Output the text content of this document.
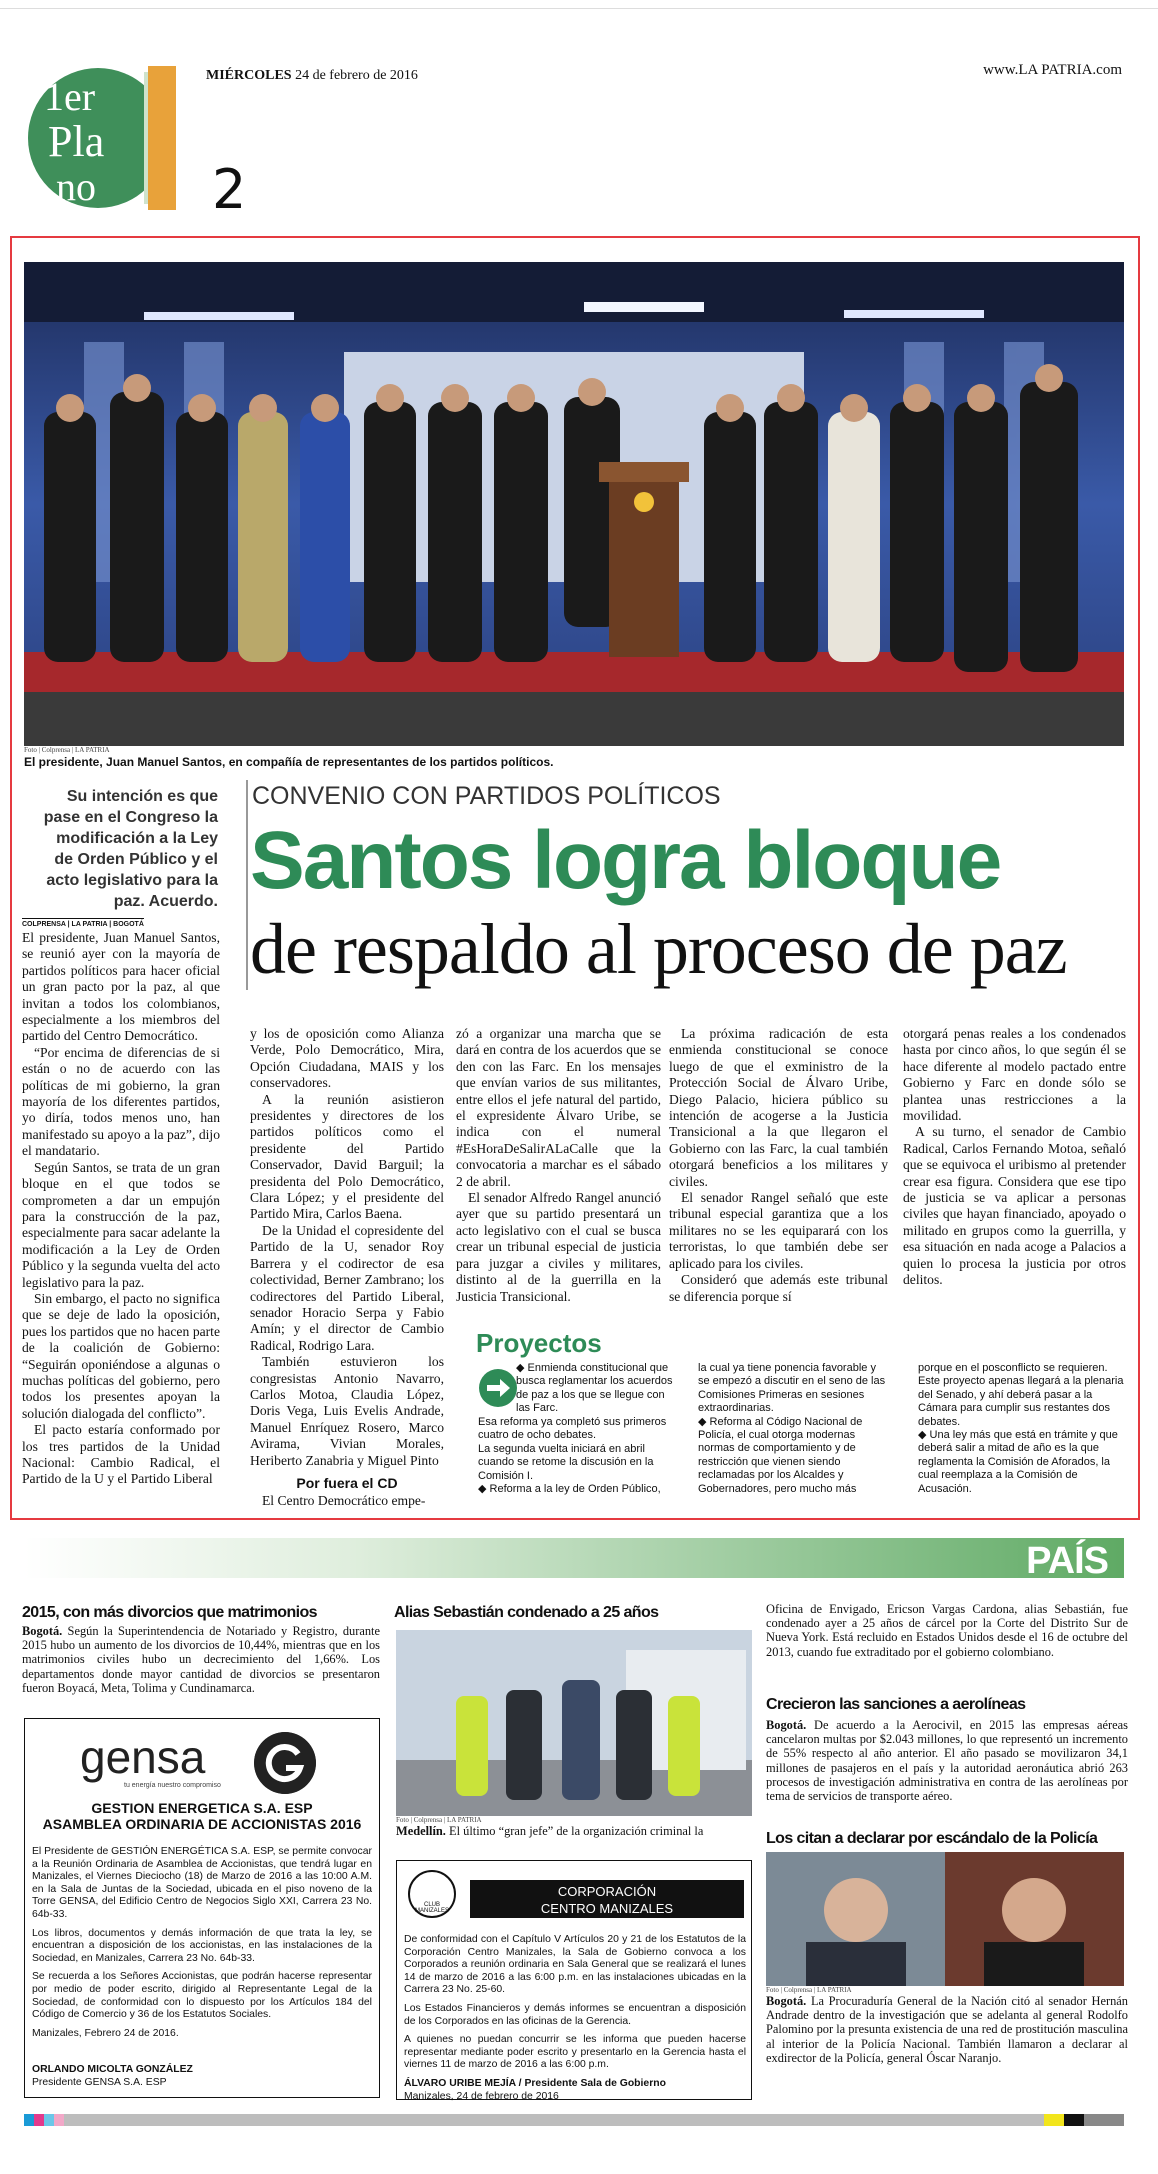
1er
Pla
no
MIÉRCOLES 24 de febrero de 2016	www.LA PATRIA.com
2
Foto | Colprensa | LA PATRIA
El presidente, Juan Manuel Santos, en compañía de representantes de los partidos políticos.
Su intención es que pase en el Congreso la modificación a la Ley de Orden Público y el acto legislativo para la paz. Acuerdo.
COLPRENSA | LA PATRIA | BOGOTÁ
CONVENIO CON PARTIDOS POLÍTICOS
Santos logra bloque
de respaldo al proceso de paz

El presidente, Juan Manuel Santos, se reunió ayer con la mayoría de partidos políticos para hacer oficial un gran pacto por la paz, al que invitan a todos los colombianos, especialmente a los miembros del partido del Centro Democrático.

“Por encima de diferencias de si están o no de acuerdo con las políticas de mi gobierno, la gran mayoría de los diferentes partidos, yo diría, todos menos uno, han manifestado su apoyo a la paz”, dijo el mandatario.

Según Santos, se trata de un gran bloque en el que todos se comprometen a dar un empujón para la construcción de la paz, especialmente para sacar adelante la modificación a la Ley de Orden Público y la segunda vuelta del acto legislativo para la paz.

Sin embargo, el pacto no significa que se deje de lado la oposición, pues los partidos que no hacen parte de la coalición de Gobierno: “Seguirán oponiéndose a algunas o muchas políticas del gobierno, pero todos los presentes apoyan la solución dialogada del conflicto”.

El pacto estaría conformado por los tres partidos de la Unidad Nacional: Cambio Radical, el Partido de la U y el Partido Liberal

y los de oposición como Alianza Verde, Polo Democrático, Mira, Opción Ciudadana, MAIS y los conservadores.

A la reunión asistieron presidentes y directores de los partidos políticos como el presidente del Partido Conservador, David Barguil; la presidenta del Polo Democrático, Clara López; y el presidente del Partido Mira, Carlos Baena.

De la Unidad el copresidente del Partido de la U, senador Roy Barrera y el codirector de esa colectividad, Berner Zambrano; los codirectores del Partido Liberal, senador Horacio Serpa y Fabio Amín; y el director de Cambio Radical, Rodrigo Lara.

También estuvieron los congresistas Antonio Navarro, Carlos Motoa, Claudia López, Doris Vega, Luis Evelis Andrade, Manuel Enríquez Rosero, Marco Avirama, Vivian Morales, Heriberto Zanabria y Miguel Pinto

Por fuera el CD

El Centro Democrático empe-

zó a organizar una marcha que se dará en contra de los acuerdos que se den con las Farc. En los mensajes que envían varios de sus militantes, entre ellos el jefe natural del partido, el expresidente Álvaro Uribe, se indica con el numeral #EsHoraDeSalirALaCalle que la convocatoria a marchar es el sábado 2 de abril.

El senador Alfredo Rangel anunció ayer que su partido presentará un acto legislativo con el cual se busca crear un tribunal especial de justicia para juzgar a civiles y militares, distinto al de la guerrilla en la Justicia Transicional.

La próxima radicación de esta enmienda constitucional se conoce luego de que el exministro de la Protección Social de Álvaro Uribe, Diego Palacio, hiciera público su intención de acogerse a la Justicia Transicional a la que llegaron el Gobierno con las Farc, la cual también otorgará beneficios a los militares y civiles.

El senador Rangel señaló que este tribunal especial garantiza que a los militares no se les equiparará con los terroristas, lo que también debe ser aplicado para los civiles.

Consideró que además este tribunal se diferencia porque sí

otorgará penas reales a los condenados hasta por cinco años, lo que según él se hace diferente al modelo pactado entre Gobierno y Farc en donde sólo se plantea unas restricciones a la movilidad.

A su turno, el senador de Cambio Radical, Carlos Fernando Motoa, señaló que se equivoca el uribismo al pretender crear esa figura. Considera que ese tipo de justicia se va aplicar a personas civiles que hayan financiado, apoyado o militado en grupos como la guerrilla, y esa situación en nada acoge a Palacios a quien lo procesa la justicia por otros delitos.

Proyectos

◆ Enmienda constitucional que busca reglamentar los acuerdos de paz a los que se llegue con las Farc.

Esa reforma ya completó sus primeros cuatro de ocho debates.

La segunda vuelta iniciará en abril cuando se retome la discusión en la Comisión I.

◆ Reforma a la ley de Orden Público,

la cual ya tiene ponencia favorable y se empezó a discutir en el seno de las Comisiones Primeras en sesiones extraordinarias.

◆ Reforma al Código Nacional de Policía, el cual otorga modernas normas de comportamiento y de restricción que vienen siendo reclamadas por los Alcaldes y Gobernadores, pero mucho más

porque en el posconflicto se requieren. Este proyecto apenas llegará a la plenaria del Senado, y ahí deberá pasar a la Cámara para cumplir sus restantes dos debates.

◆ Una ley más que está en trámite y que deberá salir a mitad de año es la que reglamenta la Comisión de Aforados, la cual reemplaza a la Comisión de Acusación.

PAÍS
2015, con más divorcios que matrimonios
Bogotá. Según la Superintendencia de Notariado y Registro, durante 2015 hubo un aumento de los divorcios de 10,44%, mientras que en los matrimonios civiles hubo un decrecimiento del 1,66%. Los departamentos donde mayor cantidad de divorcios se presentaron fueron Boyacá, Meta, Tolima y Cundinamarca.
gensa
tu energía nuestro compromiso
GESTION ENERGETICA S.A. ESP
ASAMBLEA ORDINARIA DE ACCIONISTAS 2016

El Presidente de GESTIÓN ENERGÉTICA S.A. ESP, se permite convocar a la Reunión Ordinaria de Asamblea de Accionistas, que tendrá lugar en Manizales, el Viernes Dieciocho (18) de Marzo de 2016 a las 10:00 A.M. en la Sala de Juntas de la Sociedad, ubicada en el piso noveno de la Torre GENSA, del Edificio Centro de Negocios Siglo XXI, Carrera 23 No. 64b-33.

Los libros, documentos y demás información de que trata la ley, se encuentran a disposición de los accionistas, en las instalaciones de la Sociedad, en Manizales, Carrera 23 No. 64b-33.

Se recuerda a los Señores Accionistas, que podrán hacerse representar por medio de poder escrito, dirigido al Representante Legal de la Sociedad, de conformidad con lo dispuesto por los Artículos 184 del Código de Comercio y 36 de los Estatutos Sociales.

Manizales, Febrero 24 de 2016.

ORLANDO MICOLTA GONZÁLEZ
Presidente GENSA S.A. ESP
Alias Sebastián condenado a 25 años
Foto | Colprensa | LA PATRIA
Medellín. El último “gran jefe” de la organización criminal la
CLUB MANIZALES
CORPORACIÓN
CENTRO MANIZALES

De conformidad con el Capítulo V Artículos 20 y 21 de los Estatutos de la Corporación Centro Manizales, la Sala de Gobierno convoca a los Corporados a reunión ordinaria en Sala General que se realizará el lunes 14 de marzo de 2016 a las 6:00 p.m. en las instalaciones ubicadas en la Carrera 23 No. 25-60.

Los Estados Financieros y demás informes se encuentran a disposición de los Corporados en las oficinas de la Gerencia.

A quienes no puedan concurrir se les informa que pueden hacerse representar mediante poder escrito y presentarlo en la Gerencia hasta el viernes 11 de marzo de 2016 a las 6:00 p.m.

ÁLVARO URIBE MEJÍA / Presidente Sala de Gobierno
Manizales, 24 de febrero de 2016

Oficina de Envigado, Ericson Vargas Cardona, alias Sebastián, fue condenado ayer a 25 años de cárcel por la Corte del Distrito Sur de Nueva York. Está recluido en Estados Unidos desde el 16 de octubre del 2013, cuando fue extraditado por el gobierno colombiano.
Crecieron las sanciones a aerolíneas
Bogotá. De acuerdo a la Aerocivil, en 2015 las empresas aéreas cancelaron multas por $2.043 millones, lo que representó un incremento de 55% respecto al año anterior. El año pasado se movilizaron 34,1 millones de pasajeros en el país y la autoridad aeronáutica abrió 263 procesos de investigación administrativa en contra de las aerolíneas por tema de servicios de transporte aéreo.
Los citan a declarar por escándalo de la Policía
Foto | Colprensa | LA PATRIA
Bogotá. La Procuraduría General de la Nación citó al senador Hernán Andrade dentro de la investigación que se adelanta al general Rodolfo Palomino por la presunta existencia de una red de prostitución masculina al interior de la Policía Nacional. También llamaron a declarar al exdirector de la Policía, general Óscar Naranjo.
